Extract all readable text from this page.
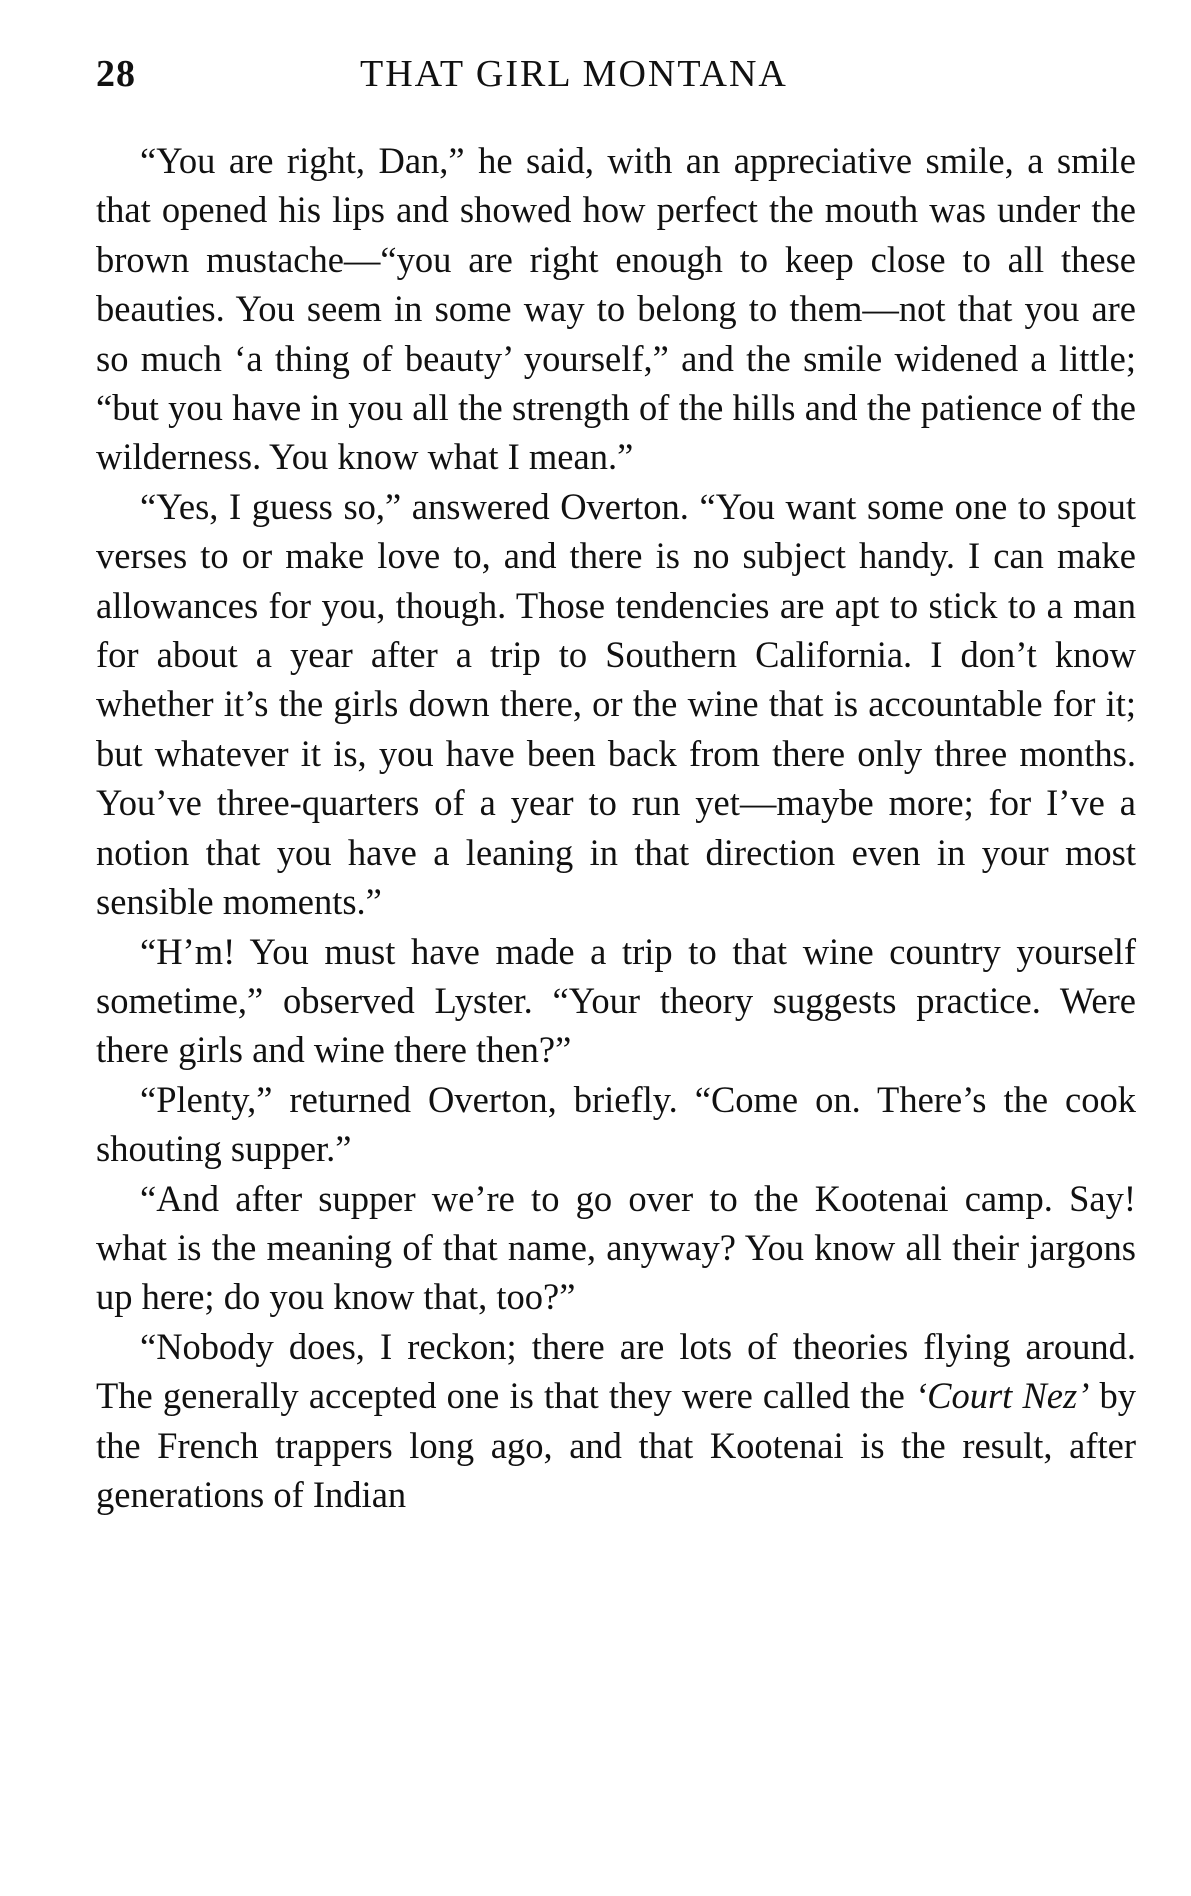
28	THAT GIRL MONTANA

“You are right, Dan,” he said, with an appreciative smile, a smile that opened his lips and showed how perfect the mouth was under the brown mustache—“you are right enough to keep close to all these beauties. You seem in some way to belong to them—not that you are so much ‘a thing of beauty’ yourself,” and the smile widened a little; “but you have in you all the strength of the hills and the patience of the wilderness. You know what I mean.”

“Yes, I guess so,” answered Overton. “You want some one to spout verses to or make love to, and there is no subject handy. I can make allowances for you, though. Those tendencies are apt to stick to a man for about a year after a trip to Southern California. I don’t know whether it’s the girls down there, or the wine that is accountable for it; but whatever it is, you have been back from there only three months. You’ve three-quarters of a year to run yet—maybe more; for I’ve a notion that you have a leaning in that direction even in your most sensible moments.”

“H’m! You must have made a trip to that wine country yourself sometime,” observed Lyster. “Your theory suggests practice. Were there girls and wine there then?”

“Plenty,” returned Overton, briefly. “Come on. There’s the cook shouting supper.”

“And after supper we’re to go over to the Kootenai camp. Say! what is the meaning of that name, anyway? You know all their jargons up here; do you know that, too?”

“Nobody does, I reckon; there are lots of theories flying around. The generally accepted one is that they were called the ‘Court Nez’ by the French trappers long ago, and that Kootenai is the result, after generations of Indian
